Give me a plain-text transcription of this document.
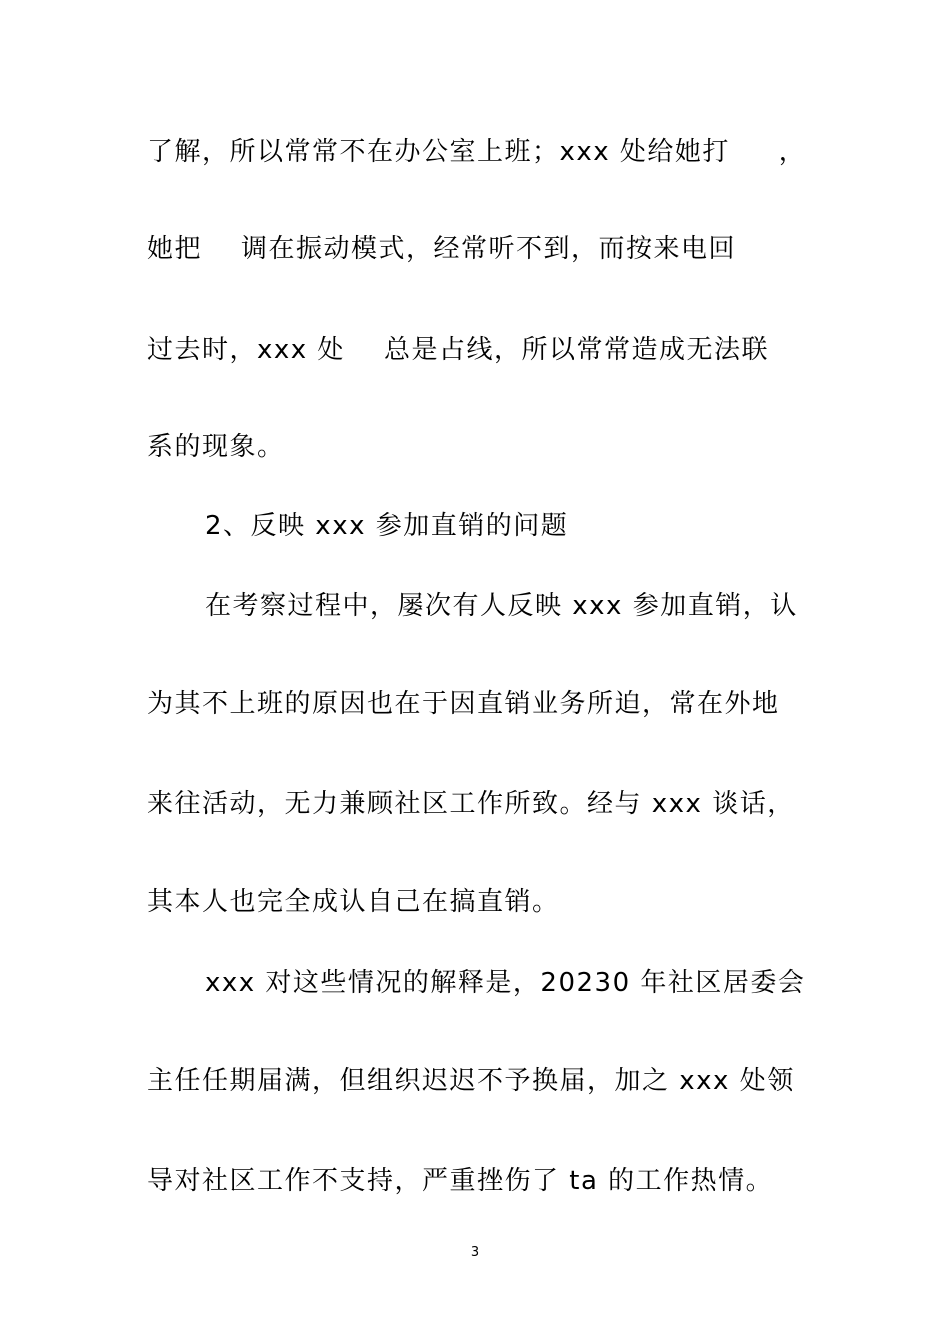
了解，所以常常不在办公室上班；xxx 处给她打     ，
她把    调在振动模式，经常听不到，而按来电回
过去时，xxx 处    总是占线，所以常常造成无法联
系的现象。
2、反映 xxx 参加直销的问题
在考察过程中，屡次有人反映 xxx 参加直销，认
为其不上班的原因也在于因直销业务所迫，常在外地
来往活动，无力兼顾社区工作所致。经与 xxx 谈话，
其本人也完全成认自己在搞直销。
xxx 对这些情况的解释是，20230 年社区居委会
主任任期届满，但组织迟迟不予换届，加之 xxx 处领
导对社区工作不支持，严重挫伤了 ta 的工作热情。
3
